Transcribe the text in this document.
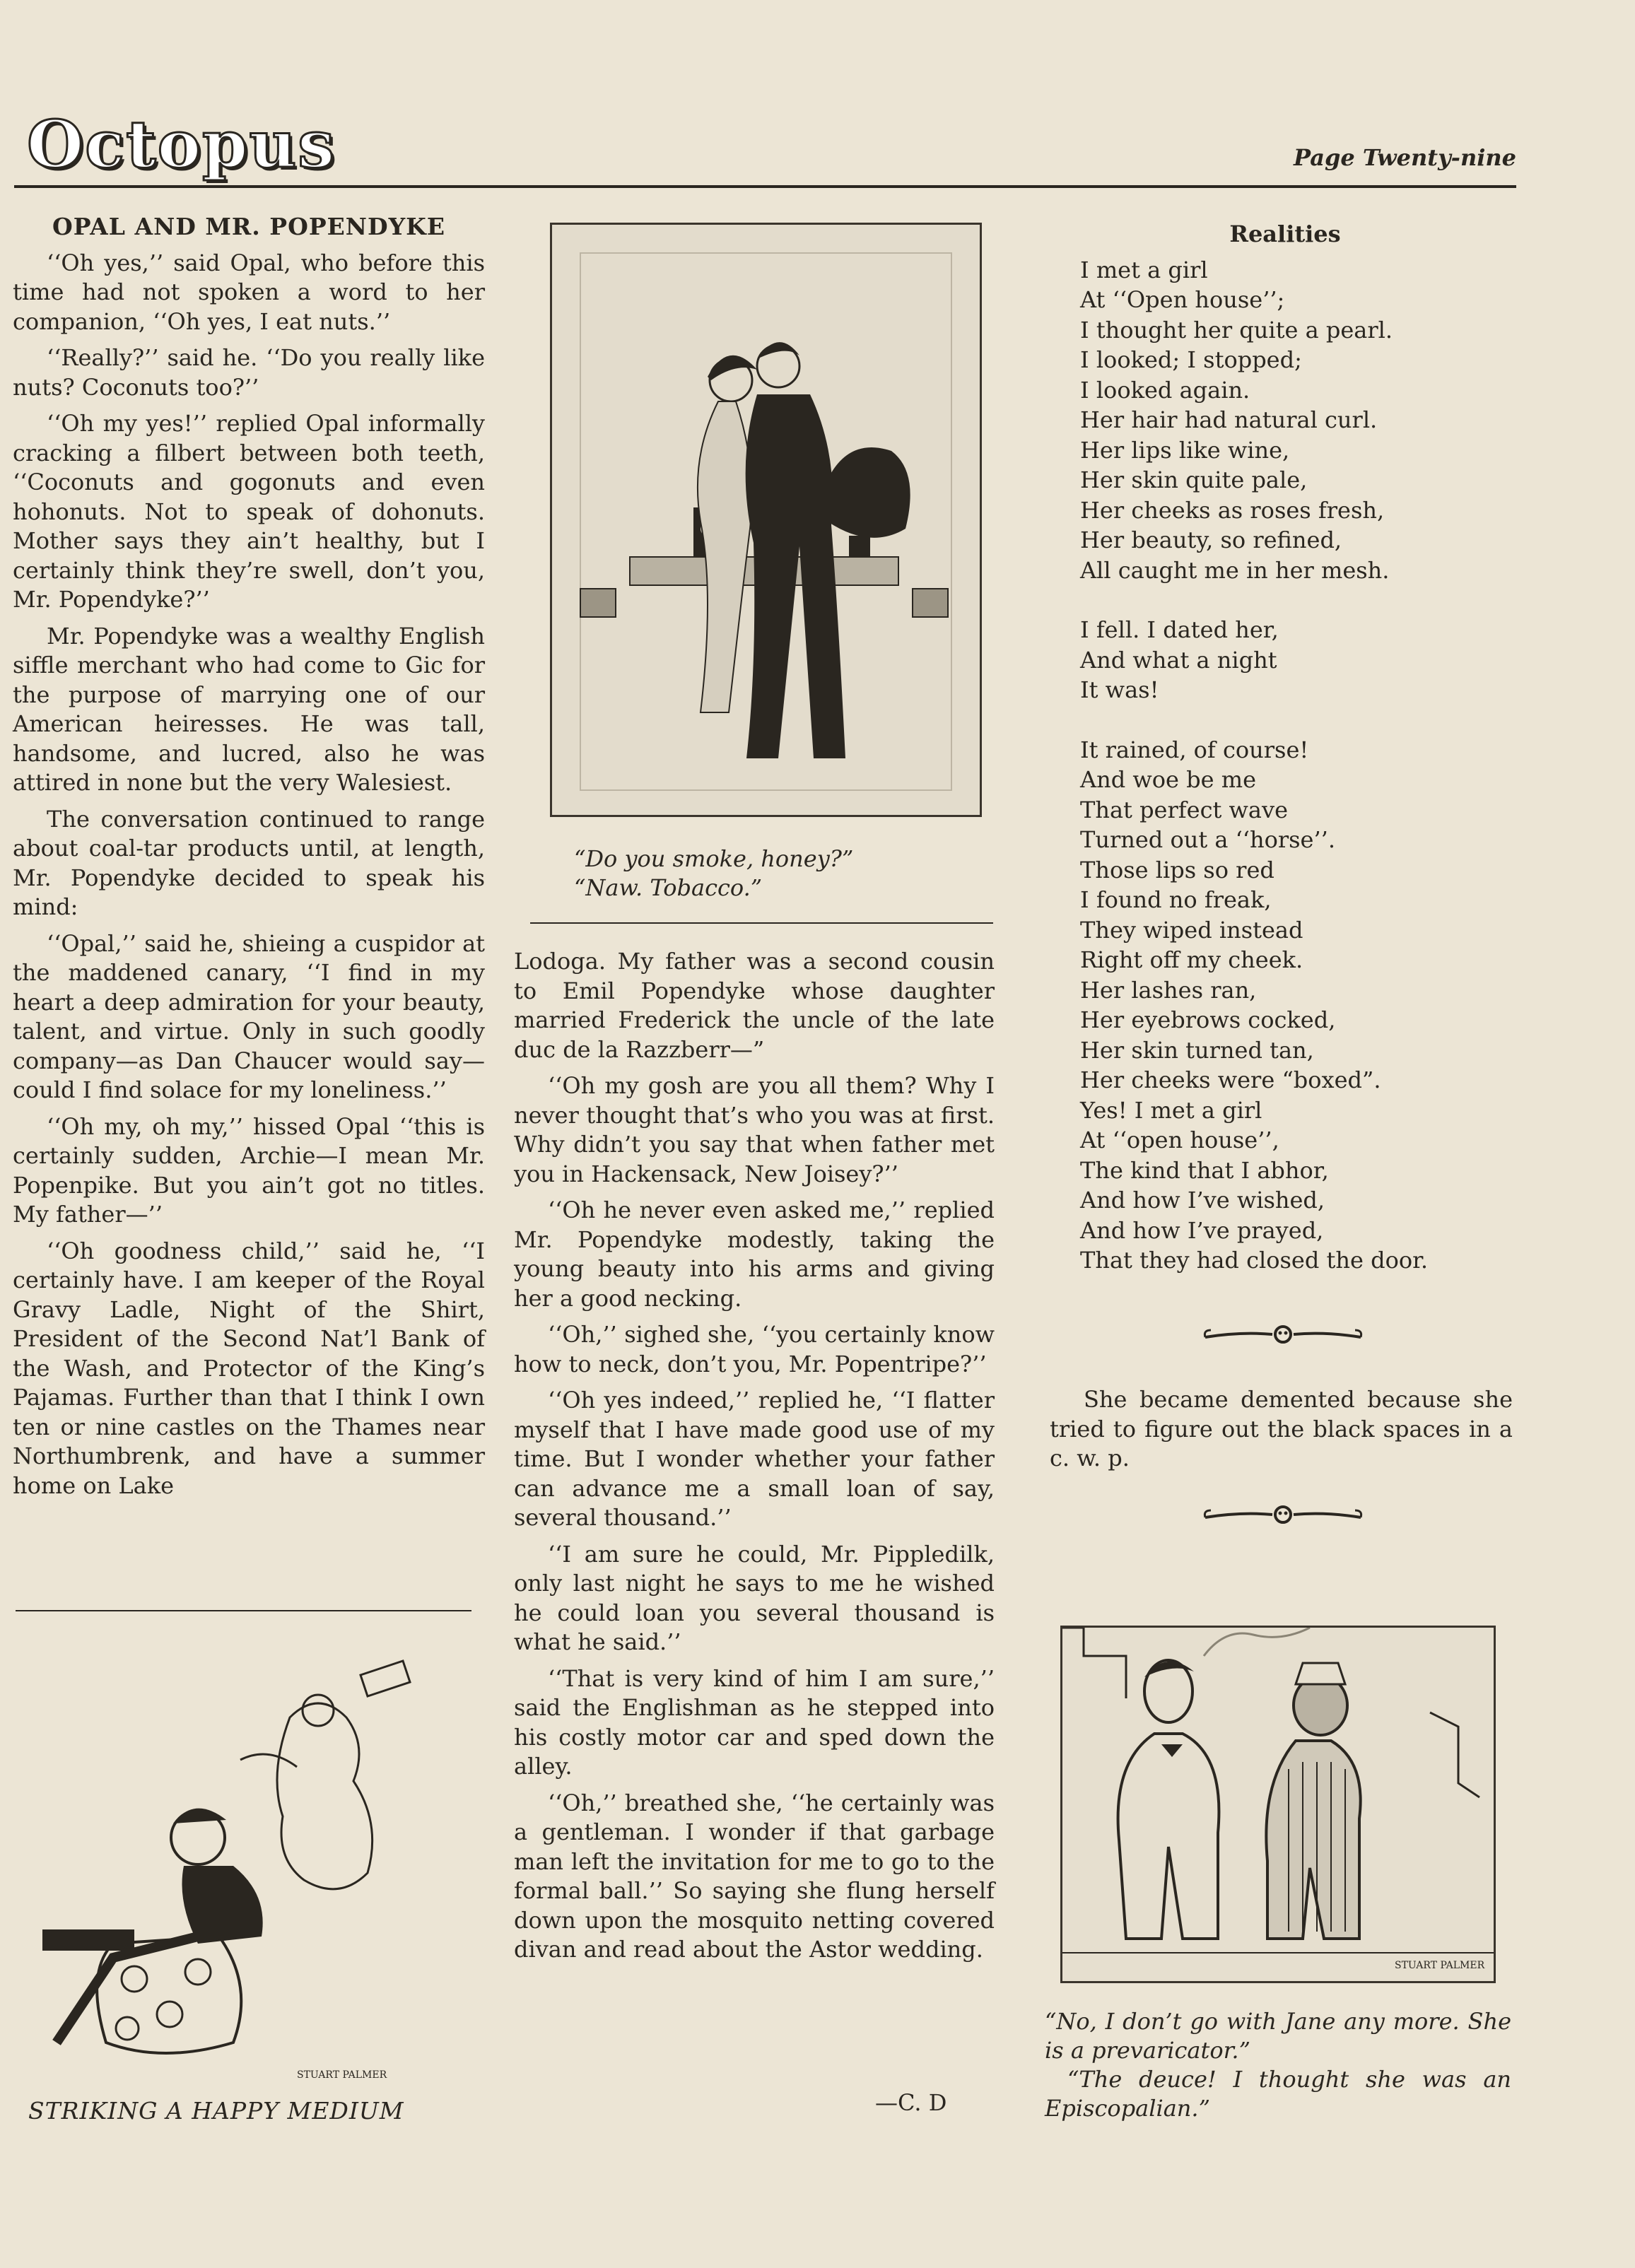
Octopus	Page Twenty-nine
OPAL AND MR. POPENDYKE

‘‘Oh yes,’’ said Opal, who before this time had not spoken a word to her companion, ‘‘Oh yes, I eat nuts.’’

‘‘Really?’’ said he. ‘‘Do you really like nuts? Coconuts too?’’

‘‘Oh my yes!’’ replied Opal informally cracking a filbert between both teeth, ‘‘Coconuts and gogonuts and even hohonuts. Not to speak of dohonuts. Mother says they ain’t healthy, but I certainly think they’re swell, don’t you, Mr. Popendyke?’’

Mr. Popendyke was a wealthy English siffle merchant who had come to Gic for the purpose of marrying one of our American heiresses. He was tall, handsome, and lucred, also he was attired in none but the very Walesiest.

The conversation continued to range about coal-tar products until, at length, Mr. Popendyke decided to speak his mind:

‘‘Opal,’’ said he, shieing a cuspidor at the maddened canary, ‘‘I find in my heart a deep admiration for your beauty, talent, and virtue. Only in such goodly company—as Dan Chaucer would say—could I find solace for my loneliness.’’

‘‘Oh my, oh my,’’ hissed Opal ‘‘this is certainly sudden, Archie—I mean Mr. Popenpike. But you ain’t got no titles. My father—’’

‘‘Oh goodness child,’’ said he, ‘‘I certainly have. I am keeper of the Royal Gravy Ladle, Night of the Shirt, President of the Second Nat’l Bank of the Wash, and Protector of the King’s Pajamas. Further than that I think I own ten or nine castles on the Thames near Northumbrenk, and have a summer home on Lake

STUART PALMER
STRIKING A HAPPY MEDIUM
“Do you smoke, honey?”
“Naw. Tobacco.”

Lodoga. My father was a second cousin to Emil Popendyke whose daughter married Frederick the uncle of the late duc de la Razzberr—”

‘‘Oh my gosh are you all them? Why I never thought that’s who you was at first. Why didn’t you say that when father met you in Hackensack, New Joisey?’’

‘‘Oh he never even asked me,’’ replied Mr. Popendyke modestly, taking the young beauty into his arms and giving her a good necking.

‘‘Oh,’’ sighed she, ‘‘you certainly know how to neck, don’t you, Mr. Popentripe?’’

‘‘Oh yes indeed,’’ replied he, ‘‘I flatter myself that I have made good use of my time. But I wonder whether your father can advance me a small loan of say, several thousand.’’

‘‘I am sure he could, Mr. Pippledilk, only last night he says to me he wished he could loan you several thousand is what he said.’’

‘‘That is very kind of him I am sure,’’ said the Englishman as he stepped into his costly motor car and sped down the alley.

‘‘Oh,’’ breathed she, ‘‘he certainly was a gentleman. I wonder if that garbage man left the invitation for me to go to the formal ball.’’ So saying she flung herself down upon the mosquito netting covered divan and read about the Astor wedding.

—C. D
Realities
I met a girl
At ‘‘Open house’’;
I thought her quite a pearl.
I looked; I stopped;
I looked again.
Her hair had natural curl.
Her lips like wine,
Her skin quite pale,
Her cheeks as roses fresh,
Her beauty, so refined,
All caught me in her mesh.
I fell. I dated her,
And what a night
It was!
It rained, of course!
And woe be me
That perfect wave
Turned out a ‘‘horse’’.
Those lips so red
I found no freak,
They wiped instead
Right off my cheek.
Her lashes ran,
Her eyebrows cocked,
Her skin turned tan,
Her cheeks were “boxed”.
Yes! I met a girl
At ‘‘open house’’,
The kind that I abhor,
And how I’ve wished,
And how I’ve prayed,
That they had closed the door.

She became demented because she tried to figure out the black spaces in a c. w. p.

STUART PALMER
“No, I don’t go with Jane any more. She is a prevaricator.”
“The deuce! I thought she was an Episcopalian.”
